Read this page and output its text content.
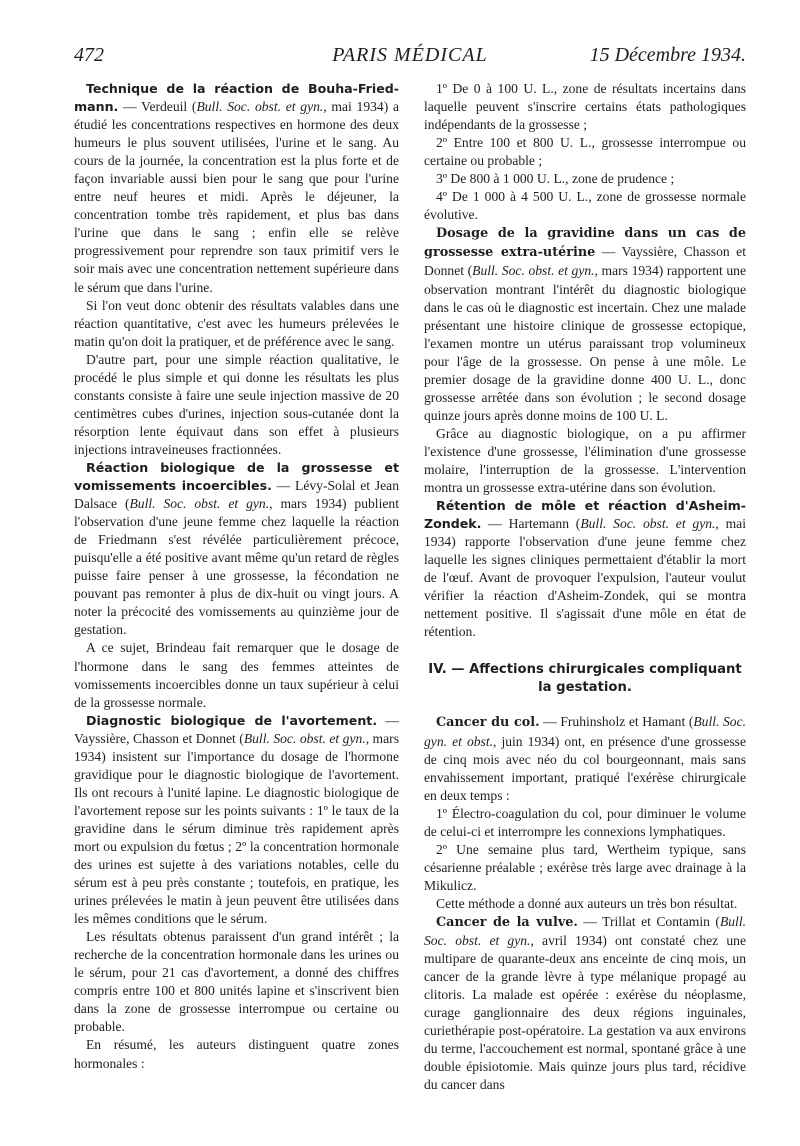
472	PARIS MÉDICAL	15 Décembre 1934.

Technique de la réaction de Bouha-Fried-mann. — Verdeuil (Bull. Soc. obst. et gyn., mai 1934) a étudié les concentrations respectives en hormone des deux humeurs le plus souvent utilisées, l'urine et le sang. Au cours de la journée, la concentration est la plus forte et de façon invariable aussi bien pour le sang que pour l'urine entre neuf heures et midi. Après le déjeuner, la concentration tombe très rapidement, et plus bas dans l'urine que dans le sang ; enfin elle se relève progressivement pour reprendre son taux primitif vers le soir mais avec une concentration nettement supérieure dans le sérum que dans l'urine.

Si l'on veut donc obtenir des résultats valables dans une réaction quantitative, c'est avec les humeurs prélevées le matin qu'on doit la pratiquer, et de préférence avec le sang.

D'autre part, pour une simple réaction qualitative, le procédé le plus simple et qui donne les résultats les plus constants consiste à faire une seule injection massive de 20 centimètres cubes d'urines, injection sous-cutanée dont la résorption lente équivaut dans son effet à plusieurs injections intraveineuses fractionnées.

Réaction biologique de la grossesse et vomissements incoercibles. — Lévy-Solal et Jean Dalsace (Bull. Soc. obst. et gyn., mars 1934) publient l'observation d'une jeune femme chez laquelle la réaction de Friedmann s'est révélée particulièrement précoce, puisqu'elle a été positive avant même qu'un retard de règles puisse faire penser à une grossesse, la fécondation ne pouvant pas remonter à plus de dix-huit ou vingt jours. A noter la précocité des vomissements au quinzième jour de gestation.

A ce sujet, Brindeau fait remarquer que le dosage de l'hormone dans le sang des femmes atteintes de vomissements incoercibles donne un taux supérieur à celui de la grossesse normale.

Diagnostic biologique de l'avortement. — Vayssière, Chasson et Donnet (Bull. Soc. obst. et gyn., mars 1934) insistent sur l'importance du dosage de l'hormone gravidique pour le diagnostic biologique de l'avortement. Ils ont recours à l'unité lapine. Le diagnostic biologique de l'avortement repose sur les points suivants : 1º le taux de la gravidine dans le sérum diminue très rapidement après mort ou expulsion du fœtus ; 2º la concentration hormonale des urines est sujette à des variations notables, celle du sérum est à peu près constante ; toutefois, en pratique, les urines prélevées le matin à jeun peuvent être utilisées dans les mêmes conditions que le sérum.

Les résultats obtenus paraissent d'un grand intérêt ; la recherche de la concentration hormonale dans les urines ou le sérum, pour 21 cas d'avortement, a donné des chiffres compris entre 100 et 800 unités lapine et s'inscrivent bien dans la zone de grossesse interrompue ou certaine ou probable.

En résumé, les auteurs distinguent quatre zones hormonales :

1º De 0 à 100 U. L., zone de résultats incertains dans laquelle peuvent s'inscrire certains états pathologiques indépendants de la grossesse ;

2º Entre 100 et 800 U. L., grossesse interrompue ou certaine ou probable ;

3º De 800 à 1 000 U. L., zone de prudence ;

4º De 1 000 à 4 500 U. L., zone de grossesse normale évolutive.

Dosage de la gravidine dans un cas de grossesse extra-utérine — Vayssière, Chasson et Donnet (Bull. Soc. obst. et gyn., mars 1934) rapportent une observation montrant l'intérêt du diagnostic biologique dans le cas où le diagnostic est incertain. Chez une malade présentant une histoire clinique de grossesse ectopique, l'examen montre un utérus paraissant trop volumineux pour l'âge de la grossesse. On pense à une môle. Le premier dosage de la gravidine donne 400 U. L., donc grossesse arrêtée dans son évolution ; le second dosage quinze jours après donne moins de 100 U. L.

Grâce au diagnostic biologique, on a pu affirmer l'existence d'une grossesse, l'élimination d'une grossesse molaire, l'interruption de la grossesse. L'intervention montra un grossesse extra-utérine dans son évolution.

Rétention de môle et réaction d'Asheim-Zondek. — Hartemann (Bull. Soc. obst. et gyn., mai 1934) rapporte l'observation d'une jeune femme chez laquelle les signes cliniques permettaient d'établir la mort de l'œuf. Avant de provoquer l'expulsion, l'auteur voulut vérifier la réaction d'Asheim-Zondek, qui se montra nettement positive. Il s'agissait d'une môle en état de rétention.

IV. — Affections chirurgicales compliquant la gestation.

Cancer du col. — Fruhinsholz et Hamant (Bull. Soc. gyn. et obst., juin 1934) ont, en présence d'une grossesse de cinq mois avec néo du col bourgeonnant, mais sans envahissement important, pratiqué l'exérèse chirurgicale en deux temps :

1º Électro-coagulation du col, pour diminuer le volume de celui-ci et interrompre les connexions lymphatiques.

2º Une semaine plus tard, Wertheim typique, sans césarienne préalable ; exérèse très large avec drainage à la Mikulicz.

Cette méthode a donné aux auteurs un très bon résultat.

Cancer de la vulve. — Trillat et Contamin (Bull. Soc. obst. et gyn., avril 1934) ont constaté chez une multipare de quarante-deux ans enceinte de cinq mois, un cancer de la grande lèvre à type mélanique propagé au clitoris. La malade est opérée : exérèse du néoplasme, curage ganglionnaire des deux régions inguinales, curiethérapie post-opératoire. La gestation va aux environs du terme, l'accouchement est normal, spontané grâce à une double épisiotomie. Mais quinze jours plus tard, récidive du cancer dans
